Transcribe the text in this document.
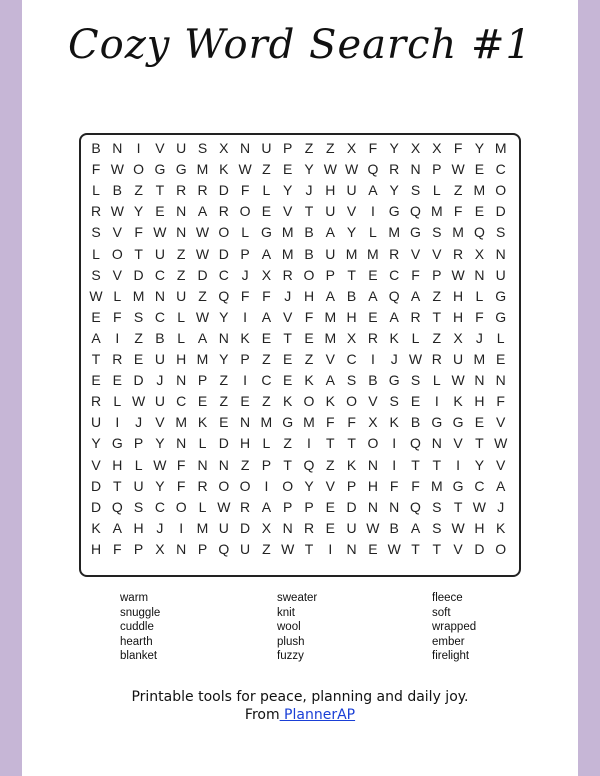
Cozy Word Search #1
B N	I	V U S X N U P Z Z X F Y X X F Y M
F W O G G M K W Z E Y W W Q R N P W E C
L B Z T R R D F L Y J H U A Y S L Z M O
R W Y E N A R O E V T U V	I G Q M F E D
S V F W N W O L G M B A Y L M G S M Q S
L O T U Z W D P A M B U M M R V V R X N
S V D C Z D C J X R O P T E C F P W N U
W L M N U Z Q F F J H A B A Q A Z H L G
E F S C L W Y	I	A V F M H E A R T H F G
A	I	Z B L A N K E T E M X R K L Z X J L
T R E U H M Y P Z E Z V C	I	J W R U M E
E E D J N P Z	I	C E K A S B G S L W N N
R L W U C E Z E Z K O K O V S E	I	K H F
U	I	J V M K E N M G M F F X K B G G E V
Y G P Y N L D H L Z	I	T T O I Q N V T W
V H L W F N N Z P T Q Z K N	I	T T	I	Y V
D T U Y F R O O I O Y V P H F F M G C A
D Q S C O L W R A P P E D N N Q S T W J
K A H J	I M U D X N R E U W B A S W H K
H F P X N P Q U Z W T	I	N E W T T V D O
warm
snuggle
cuddle
hearth
blanket
sweater
knit
wool
plush
fuzzy
fleece
soft
wrapped
ember
firelight
Printable tools for peace, planning and daily joy.
From PlannerAP
